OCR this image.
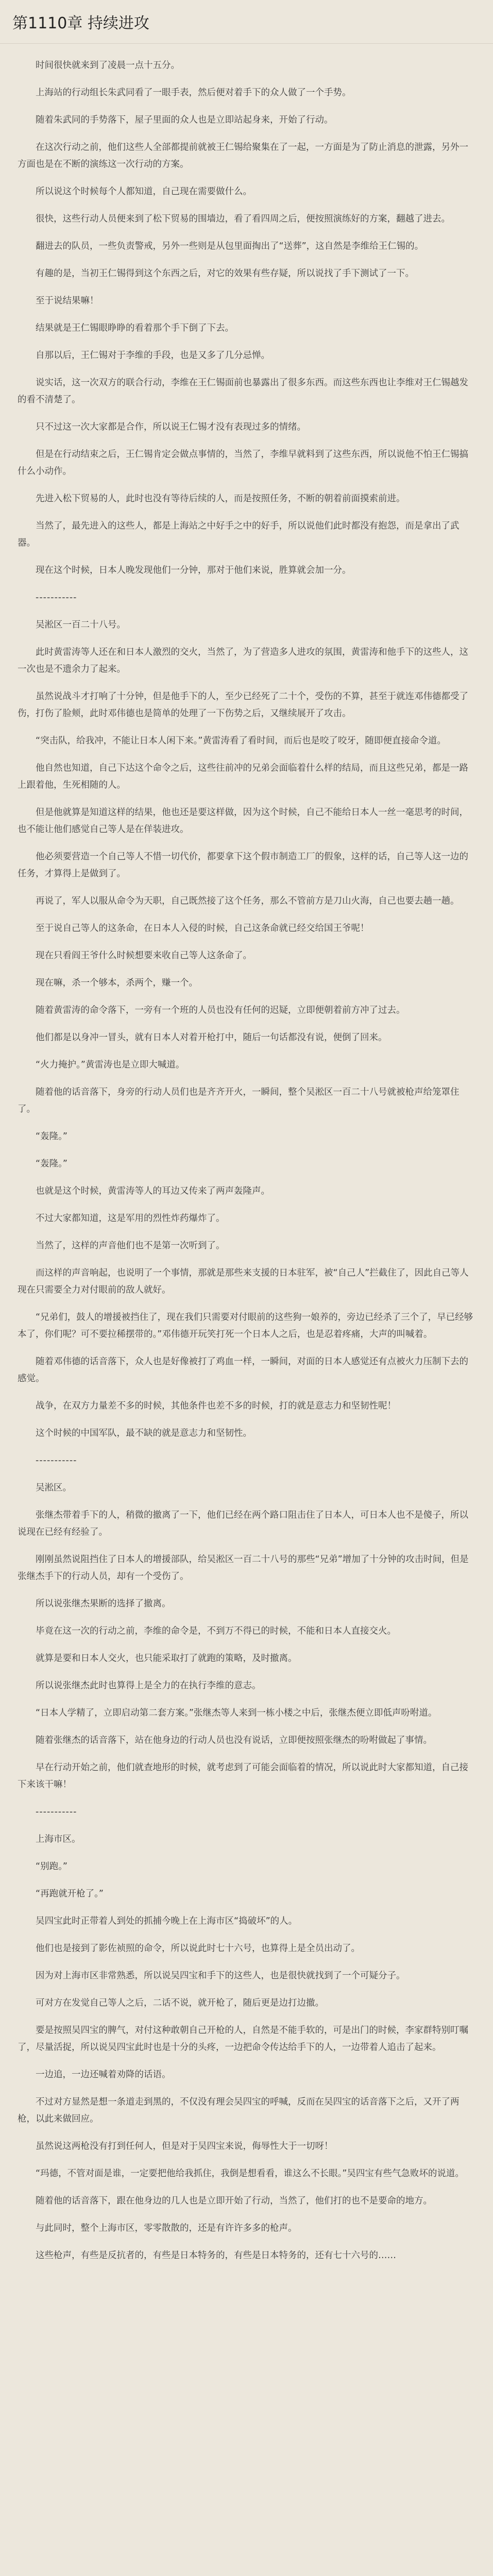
第1110章 持续进攻

时间很快就来到了凌晨一点十五分。

上海站的行动组长朱武同看了一眼手表，然后便对着手下的众人做了一个手势。

随着朱武同的手势落下，屋子里面的众人也是立即站起身来，开始了行动。

在这次行动之前，他们这些人全部都提前就被王仁锡给聚集在了一起，一方面是为了防止消息的泄露，另外一方面也是在不断的演练这一次行动的方案。

所以说这个时候每个人都知道，自己现在需要做什么。

很快，这些行动人员便来到了松下贸易的围墙边，看了看四周之后，便按照演练好的方案，翻越了进去。

翻进去的队员，一些负责警戒，另外一些则是从包里面掏出了“送葬”，这自然是李维给王仁锡的。

有趣的是，当初王仁锡得到这个东西之后，对它的效果有些存疑，所以说找了手下测试了一下。

至于说结果嘛！

结果就是王仁锡眼睁睁的看着那个手下倒了下去。

自那以后，王仁锡对于李维的手段，也是又多了几分忌惮。

说实话，这一次双方的联合行动，李维在王仁锡面前也暴露出了很多东西。而这些东西也让李维对王仁锡越发的看不清楚了。

只不过这一次大家都是合作，所以说王仁锡才没有表现过多的情绪。

但是在行动结束之后，王仁锡肯定会做点事情的，当然了，李维早就料到了这些东西，所以说他不怕王仁锡搞什么小动作。

先进入松下贸易的人，此时也没有等待后续的人，而是按照任务，不断的朝着前面摸索前进。

当然了，最先进入的这些人，都是上海站之中好手之中的好手，所以说他们此时都没有抱怨，而是拿出了武器。

现在这个时候，日本人晚发现他们一分钟，那对于他们来说，胜算就会加一分。

-----------

吴淞区一百二十八号。

此时黄雷涛等人还在和日本人激烈的交火，当然了，为了营造多人进攻的氛围，黄雷涛和他手下的这些人，这一次也是不遗余力了起来。

虽然说战斗才打响了十分钟，但是他手下的人，至少已经死了二十个，受伤的不算，甚至于就连邓伟德都受了伤，打伤了脸颊，此时邓伟德也是简单的处理了一下伤势之后，又继续展开了攻击。

“突击队，给我冲，不能让日本人闲下来。”黄雷涛看了看时间，而后也是咬了咬牙，随即便直接命令道。

他自然也知道，自己下达这个命令之后，这些往前冲的兄弟会面临着什么样的结局，而且这些兄弟，都是一路上跟着他，生死相随的人。

但是他就算是知道这样的结果，他也还是要这样做，因为这个时候，自己不能给日本人一丝一毫思考的时间，也不能让他们感觉自己等人是在佯装进攻。

他必须要营造一个自己等人不惜一切代价，都要拿下这个假市制造工厂的假象，这样的话，自己等人这一边的任务，才算得上是做到了。

再说了，军人以服从命令为天职，自己既然接了这个任务，那么不管前方是刀山火海，自己也要去趟一趟。

至于说自己等人的这条命，在日本人入侵的时候，自己这条命就已经交给国王爷呢！

现在只看阎王爷什么时候想要来收自己等人这条命了。

现在嘛，杀一个够本，杀两个，赚一个。

随着黄雷涛的命令落下，一旁有一个班的人员也没有任何的迟疑，立即便朝着前方冲了过去。

他们都是以身冲一冒头，就有日本人对着开枪打中，随后一句话都没有说，便倒了回来。

“火力掩护。”黄雷涛也是立即大喊道。

随着他的话音落下，身旁的行动人员们也是齐齐开火，一瞬间，整个吴淞区一百二十八号就被枪声给笼罩住了。

“轰隆。”

“轰隆。”

也就是这个时候，黄雷涛等人的耳边又传来了两声轰隆声。

不过大家都知道，这是军用的烈性炸药爆炸了。

当然了，这样的声音他们也不是第一次听到了。

而这样的声音响起，也说明了一个事情，那就是那些来支援的日本驻军，被“自己人”拦截住了，因此自己等人现在只需要全力对付眼前的敌人就好。

“兄弟们，鼓人的增援被挡住了，现在我们只需要对付眼前的这些狗一娘养的，旁边已经杀了三个了，早已经够本了，你们呢？可不要拉稀摆带的。”邓伟德开玩笑打死一个日本人之后，也是忍着疼痛，大声的叫喊着。

随着邓伟德的话音落下，众人也是好像被打了鸡血一样，一瞬间，对面的日本人感觉还有点被火力压制下去的感觉。

战争，在双方力量差不多的时候，其他条件也差不多的时候，打的就是意志力和坚韧性呢！

这个时候的中国军队，最不缺的就是意志力和坚韧性。

-----------

吴淞区。

张继杰带着手下的人，稍微的撤离了一下，他们已经在两个路口阻击住了日本人，可日本人也不是傻子，所以说现在已经有经验了。

刚刚虽然说阻挡住了日本人的增援部队，给吴淞区一百二十八号的那些“兄弟”增加了十分钟的攻击时间，但是张继杰手下的行动人员，却有一个受伤了。

所以说张继杰果断的选择了撤离。

毕竟在这一次的行动之前，李维的命令是，不到万不得已的时候，不能和日本人直接交火。

就算是要和日本人交火，也只能采取打了就跑的策略，及时撤离。

所以说张继杰此时也算得上是全力的在执行李维的意志。

“日本人学精了，立即启动第二套方案。”张继杰等人来到一栋小楼之中后，张继杰便立即低声吩咐道。

随着张继杰的话音落下，站在他身边的行动人员也没有说话，立即便按照张继杰的吩咐做起了事情。

早在行动开始之前，他们就查地形的时候，就考虑到了可能会面临着的情况，所以说此时大家都知道，自己接下来该干嘛！

-----------

上海市区。

“别跑。”

“再跑就开枪了。”

吴四宝此时正带着人到处的抓捕今晚上在上海市区“捣破坏”的人。

他们也是接到了影佐祯照的命令，所以说此时七十六号，也算得上是全员出动了。

因为对上海市区非常熟悉，所以说吴四宝和手下的这些人，也是很快就找到了一个可疑分子。

可对方在发觉自己等人之后，二话不说，就开枪了，随后更是边打边撤。

要是按照吴四宝的脾气，对付这种敢朝自己开枪的人，自然是不能手软的，可是出门的时候，李家群特别叮嘱了，尽量活捉，所以说吴四宝此时也是十分的头疼，一边把命令传达给手下的人，一边带着人追击了起来。

一边追，一边还喊着劝降的话语。

不过对方显然是想一条道走到黑的，不仅没有理会吴四宝的呼喊，反而在吴四宝的话音落下之后，又开了两枪，以此来做回应。

虽然说这两枪没有打到任何人，但是对于吴四宝来说，侮辱性大于一切呀！

“玛德，不管对面是谁，一定要把他给我抓住，我倒是想看看，谁这么不长眼。”吴四宝有些气急败坏的说道。

随着他的话音落下，跟在他身边的几人也是立即开始了行动，当然了，他们打的也不是要命的地方。

与此同时，整个上海市区，零零散散的，还是有许许多多的枪声。

这些枪声，有些是反抗者的，有些是日本特务的，有些是日本特务的，还有七十六号的……
